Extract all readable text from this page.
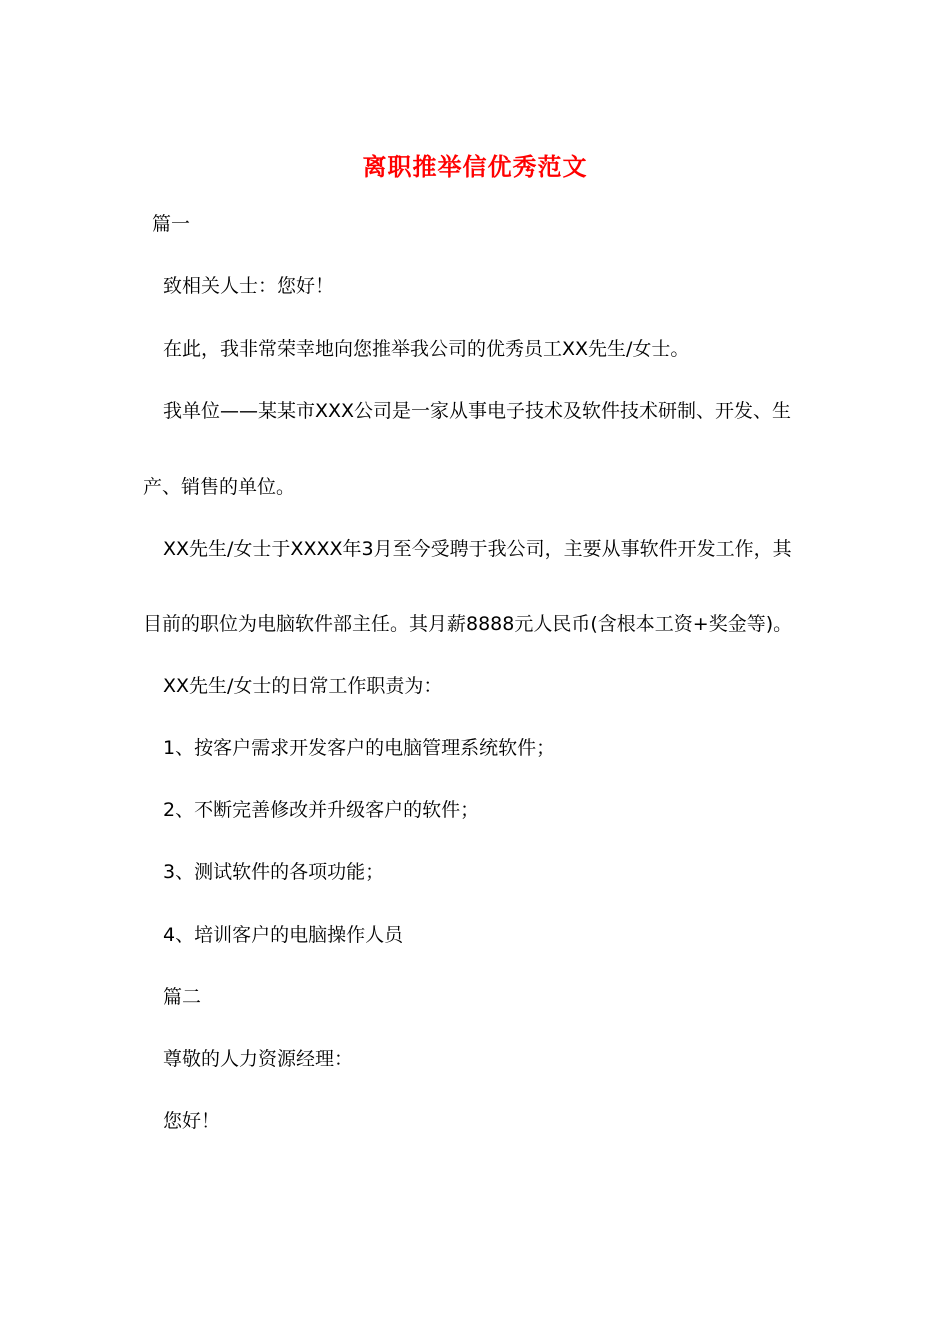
离职推举信优秀范文
篇一
致相关人士：您好！
在此，我非常荣幸地向您推举我公司的优秀员工XX先生/女士。
我单位——某某市XXX公司是一家从事电子技术及软件技术研制、开发、生
产、销售的单位。
XX先生/女士于XXXX年3月至今受聘于我公司，主要从事软件开发工作，其
目前的职位为电脑软件部主任。其月薪8888元人民币(含根本工资+奖金等)。
XX先生/女士的日常工作职责为：
1、按客户需求开发客户的电脑管理系统软件；
2、不断完善修改并升级客户的软件；
3、测试软件的各项功能；
4、培训客户的电脑操作人员
篇二
尊敬的人力资源经理：
您好！
